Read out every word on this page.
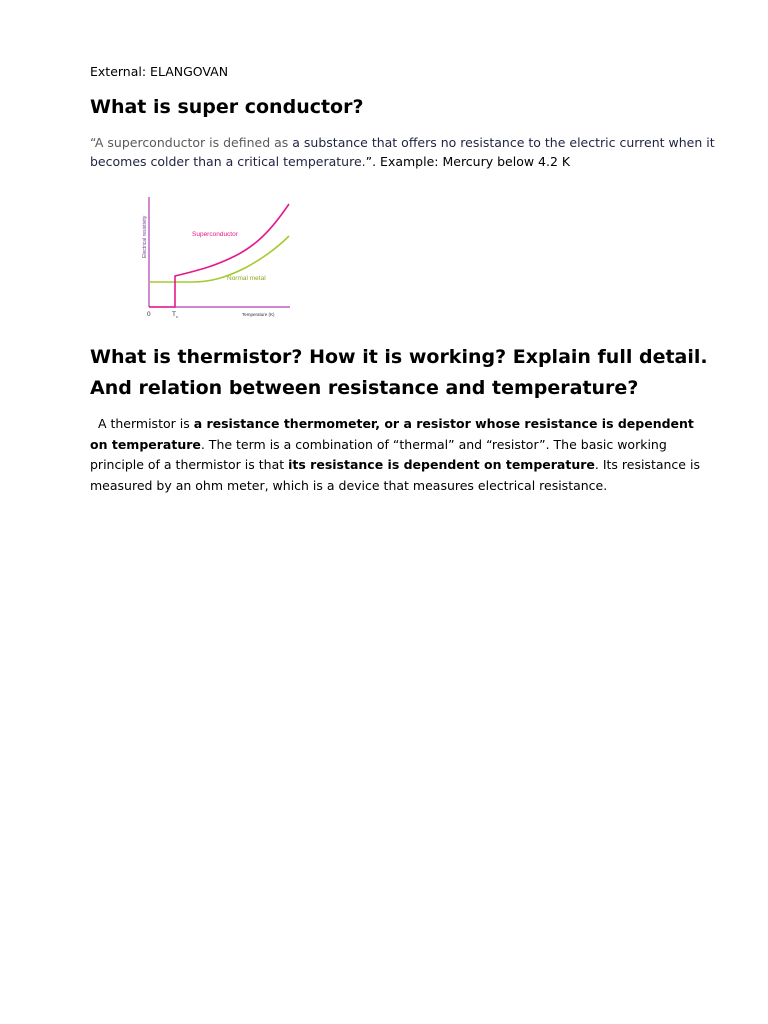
External: ELANGOVAN
What is super conductor?

“A superconductor is defined as a substance that offers no resistance to the electric current when it becomes colder than a critical temperature.”. Example: Mercury below 4.2 K

Electrical resistivity	Superconductor
Normal metal
0	$T_c$	Temperature (K)
What is thermistor? How it is working? Explain full detail. And relation between resistance and temperature?

A thermistor is a resistance thermometer, or a resistor whose resistance is dependent on temperature. The term is a combination of “thermal” and “resistor”. The basic working principle of a thermistor is that its resistance is dependent on temperature. Its resistance is measured by an ohm meter, which is a device that measures electrical resistance.
